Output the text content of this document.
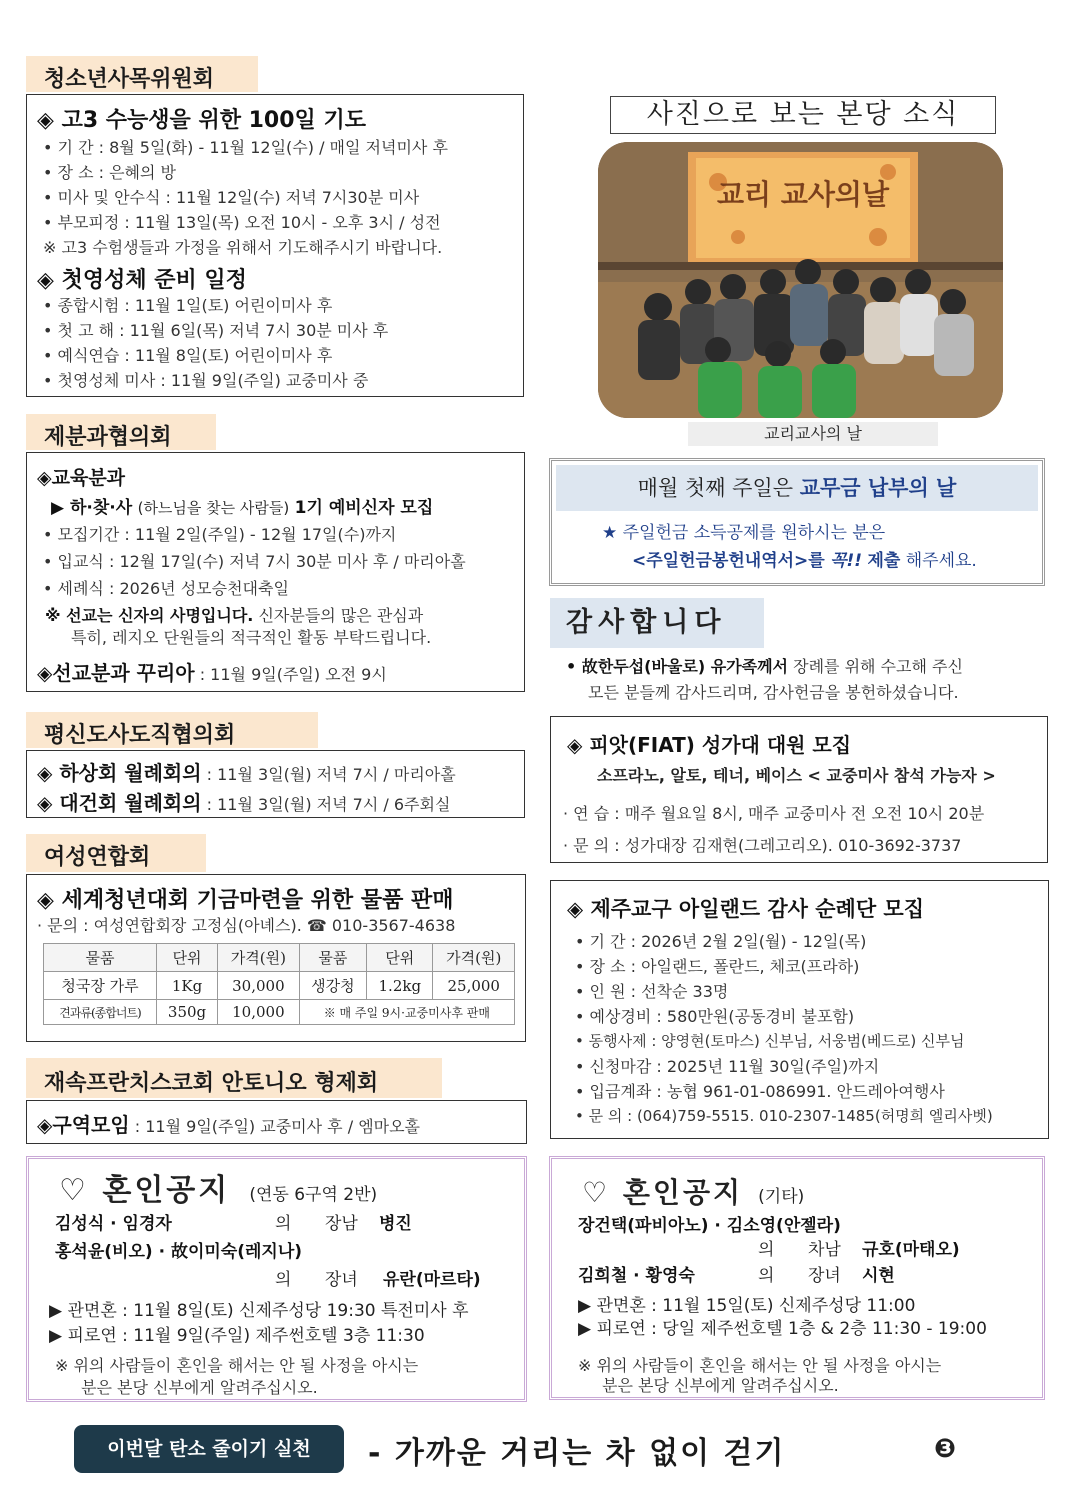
청소년사목위원회
◈ 고3 수능생을 위한 100일 기도
• 기 간 : 8월 5일(화) - 11월 12일(수) / 매일 저녁미사 후
• 장 소 : 은혜의 방
• 미사 및 안수식 : 11월 12일(수) 저녁 7시30분 미사
• 부모피정 : 11월 13일(목) 오전 10시 - 오후 3시 / 성전
※ 고3 수험생들과 가정을 위해서 기도해주시기 바랍니다.
◈ 첫영성체 준비 일정
• 종합시험 : 11월 1일(토) 어린이미사 후
• 첫 고 해 : 11월 6일(목) 저녁 7시 30분 미사 후
• 예식연습 : 11월 8일(토) 어린이미사 후
• 첫영성체 미사 : 11월 9일(주일) 교중미사 중
제분과협의회
◈교육분과
▶ 하·찾·사 (하느님을 찾는 사람들) 1기 예비신자 모집
• 모집기간 : 11월 2일(주일) - 12월 17일(수)까지
• 입교식 : 12월 17일(수) 저녁 7시 30분 미사 후 / 마리아홀
• 세례식 : 2026년 성모승천대축일
※ 선교는 신자의 사명입니다. 신자분들의 많은 관심과
특히, 레지오 단원들의 적극적인 활동 부탁드립니다.
◈선교분과 꾸리아 : 11월 9일(주일) 오전 9시
평신도사도직협의회
◈ 하상회 월례회의 : 11월 3일(월) 저녁 7시 / 마리아홀
◈ 대건회 월례회의 : 11월 3일(월) 저녁 7시 / 6주회실
여성연합회
◈ 세계청년대회 기금마련을 위한 물품 판매
· 문의 : 여성연합회장 고정심(아녜스). ☎ 010-3567-4638
물품	단위	가격(원)	물품	단위	가격(원)
청국장 가루	1Kg	30,000	생강청	1.2kg	25,000
견과류(종합너트)	350g	10,000	※ 매 주일 9시·교중미사후 판매		
재속프란치스코회 안토니오 형제회
◈구역모임 : 11월 9일(주일) 교중미사 후 / 엠마오홀
♡ 혼인공지 (연동 6구역 2반)
김성식 · 임경자	의 장남 병진
홍석윤(비오) · 故이미숙(레지나)
의 장녀 유란(마르타)
▶ 관면혼 : 11월 8일(토) 신제주성당 19:30 특전미사 후
▶ 피로연 : 11월 9일(주일) 제주썬호텔 3층 11:30
※ 위의 사람들이 혼인을 해서는 안 될 사정을 아시는
분은 본당 신부에게 알려주십시오.
사진으로 보는 본당 소식
교리 교사의날
교리교사의 날
매월 첫째 주일은 교무금 납부의 날
★ 주일헌금 소득공제를 원하시는 분은
<주일헌금봉헌내역서>를 꼭!! 제출 해주세요.
감사합니다
• 故한두섭(바울로) 유가족께서 장례를 위해 수고해 주신
모든 분들께 감사드리며, 감사헌금을 봉헌하셨습니다.
◈ 피앗(FIAT) 성가대 대원 모집
소프라노, 알토, 테너, 베이스 < 교중미사 참석 가능자 >
· 연 습 : 매주 월요일 8시, 매주 교중미사 전 오전 10시 20분
· 문 의 : 성가대장 김재현(그레고리오). 010-3692-3737
◈ 제주교구 아일랜드 감사 순례단 모집
• 기 간 : 2026년 2월 2일(월) - 12일(목)
• 장 소 : 아일랜드, 폴란드, 체코(프라하)
• 인 원 : 선착순 33명
• 예상경비 : 580만원(공동경비 불포함)
• 동행사제 : 양영현(토마스) 신부님, 서웅범(베드로) 신부님
• 신청마감 : 2025년 11월 30일(주일)까지
• 입금계좌 : 농협 961-01-086991. 안드레아여행사
• 문 의 : (064)759-5515. 010-2307-1485(허명희 엘리사벳)
♡ 혼인공지 (기타)
장건택(파비아노) · 김소영(안젤라)
의 차남 규호(마태오)
김희철 · 황영숙	의 장녀 시현
▶ 관면혼 : 11월 15일(토) 신제주성당 11:00
▶ 피로연 : 당일 제주썬호텔 1층 & 2층 11:30 - 19:00
※ 위의 사람들이 혼인을 해서는 안 될 사정을 아시는
분은 본당 신부에게 알려주십시오.
이번달 탄소 줄이기 실천	- 가까운 거리는 차 없이 걷기	❸
